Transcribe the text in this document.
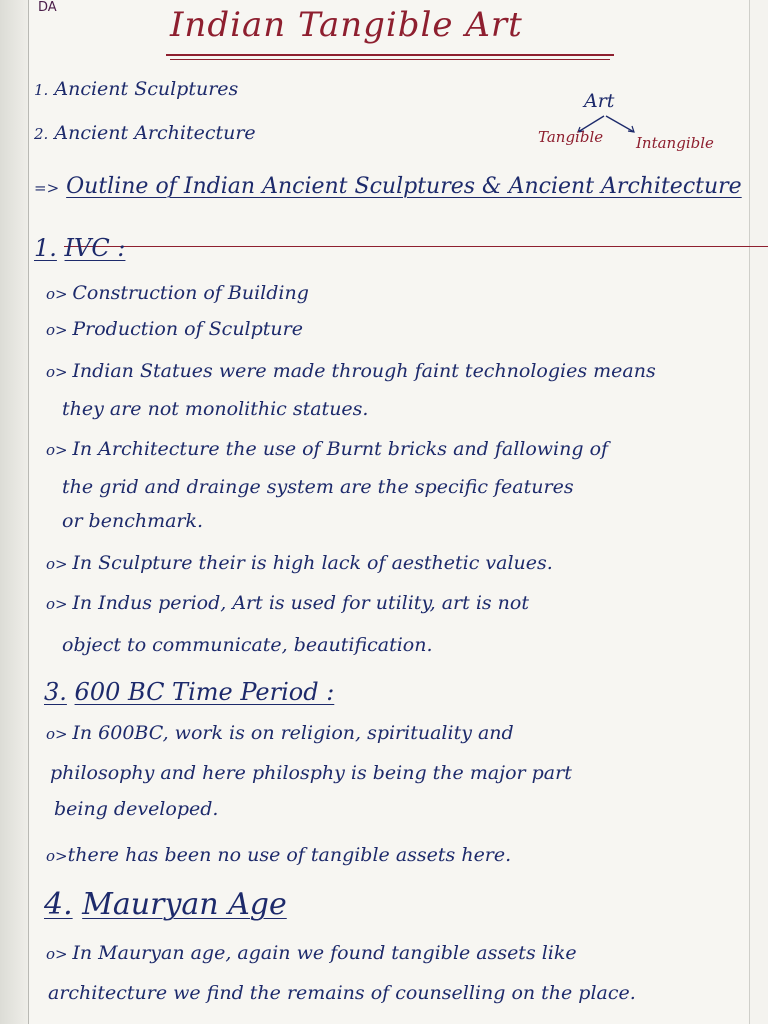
DA	Indian Tangible Art
1. Ancient Sculptures
2. Ancient Architecture
Art
Tangible Intangible
=> Outline of Indian Ancient Sculptures & Ancient Architecture
1. IVC :
o> Construction of Building
o> Production of Sculpture
o> Indian Statues were made through faint technologies means
they are not monolithic statues.
o> In Architecture the use of Burnt bricks and fallowing of
the grid and drainge system are the specific features
or benchmark.
o> In Sculpture their is high lack of aesthetic values.
o> In Indus period, Art is used for utility, art is not
object to communicate, beautification.
3. 600 BC Time Period :
o> In 600BC, work is on religion, spirituality and
philosophy and here philosphy is being the major part
being developed.
o>there has been no use of tangible assets here.
4. Mauryan Age
o> In Mauryan age, again we found tangible assets like
architecture we find the remains of counselling on the place.
